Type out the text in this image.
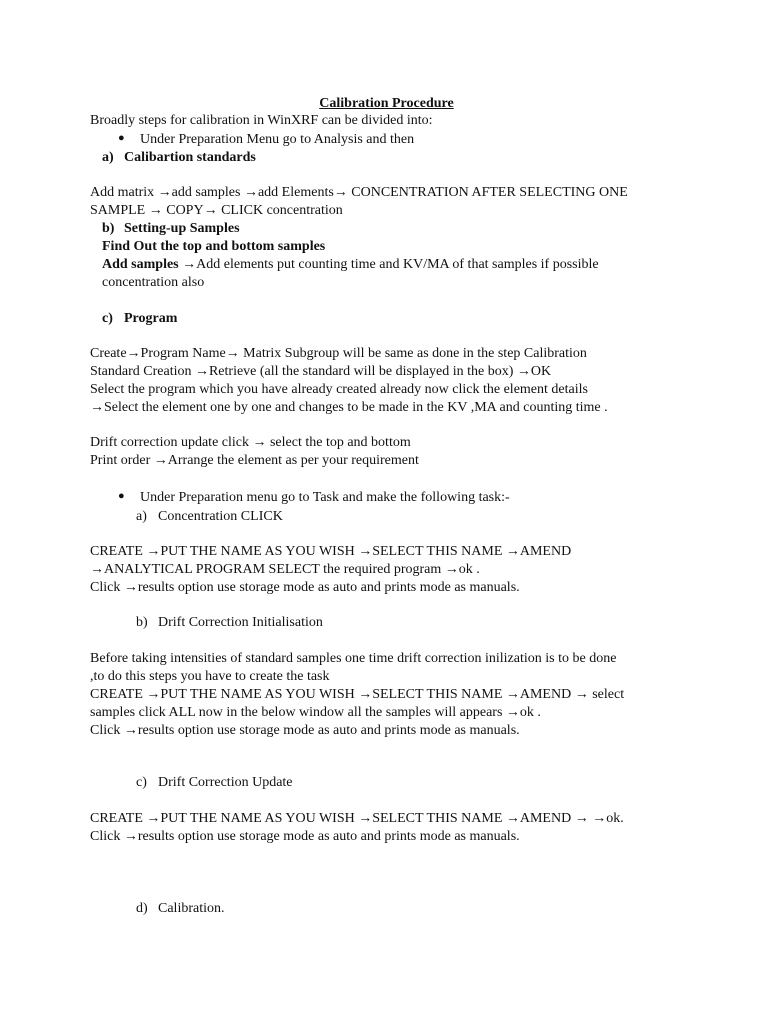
Calibration Procedure
Broadly steps for calibration in WinXRF can be divided into:
● Under Preparation Menu go to Analysis and then
a) Calibartion standards
Add matrix →add samples →add Elements→ CONCENTRATION AFTER SELECTING ONE
SAMPLE → COPY→ CLICK concentration
b) Setting-up Samples
Find Out the top and bottom samples
Add samples →Add elements put counting time and KV/MA of that samples if possible
concentration also
c) Program
Create→Program Name→ Matrix Subgroup will be same as done in the step Calibration
Standard Creation →Retrieve (all the standard will be displayed in the box) →OK
Select the program which you have already created already now click the element details
→Select the element one by one and changes to be made in the KV ,MA and counting time .
Drift correction update click → select the top and bottom
Print order →Arrange the element as per your requirement
● Under Preparation menu go to Task and make the following task:-
a) Concentration CLICK
CREATE →PUT THE NAME AS YOU WISH →SELECT THIS NAME →AMEND
→ANALYTICAL PROGRAM SELECT the required program →ok .
Click →results option use storage mode as auto and prints mode as manuals.
b) Drift Correction Initialisation
Before taking intensities of standard samples one time drift correction inilization is to be done
,to do this steps you have to create the task
CREATE →PUT THE NAME AS YOU WISH →SELECT THIS NAME →AMEND → select
samples click ALL now in the below window all the samples will appears →ok .
Click →results option use storage mode as auto and prints mode as manuals.
c) Drift Correction Update
CREATE →PUT THE NAME AS YOU WISH →SELECT THIS NAME →AMEND → →ok.
Click →results option use storage mode as auto and prints mode as manuals.
d) Calibration.
